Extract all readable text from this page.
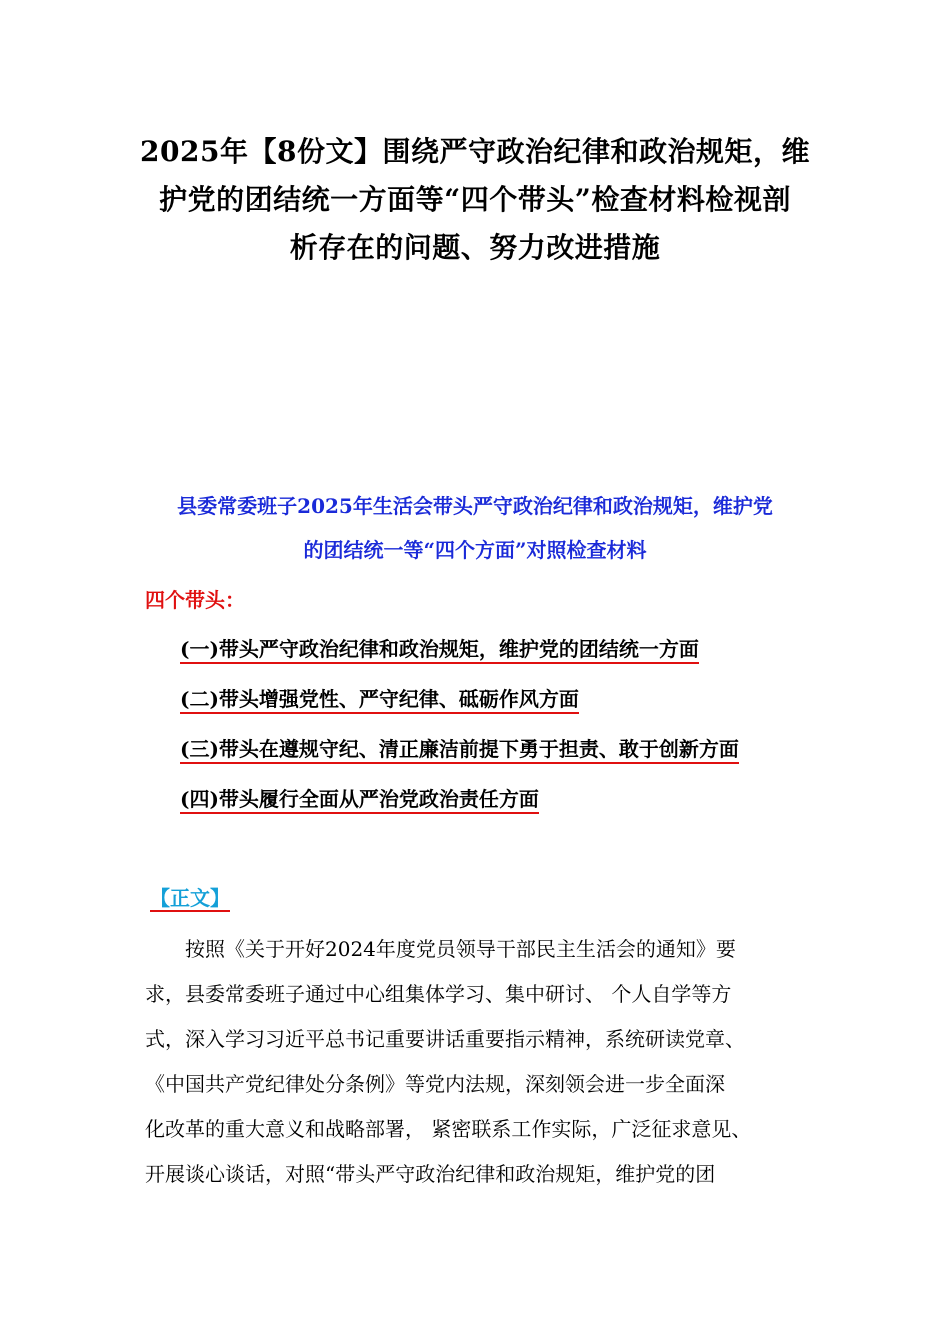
2025年【8份文】围绕严守政治纪律和政治规矩，维
护党的团结统一方面等“四个带头”检查材料检视剖
析存在的问题、努力改进措施
县委常委班子2025年生活会带头严守政治纪律和政治规矩，维护党
的团结统一等“四个方面”对照检查材料
四个带头：
(一)带头严守政治纪律和政治规矩，维护党的团结统一方面
(二)带头增强党性、严守纪律、砥砺作风方面
(三)带头在遵规守纪、清正廉洁前提下勇于担责、敢于创新方面
(四)带头履行全面从严治党政治责任方面
【正文】
　　按照《关于开好2024年度党员领导干部民主生活会的通知》要
求，县委常委班子通过中心组集体学习、集中研讨、 个人自学等方
式，深入学习习近平总书记重要讲话重要指示精神，系统研读党章、
《中国共产党纪律处分条例》等党内法规，深刻领会进一步全面深
化改革的重大意义和战略部署， 紧密联系工作实际，广泛征求意见、
开展谈心谈话，对照“带头严守政治纪律和政治规矩，维护党的团
